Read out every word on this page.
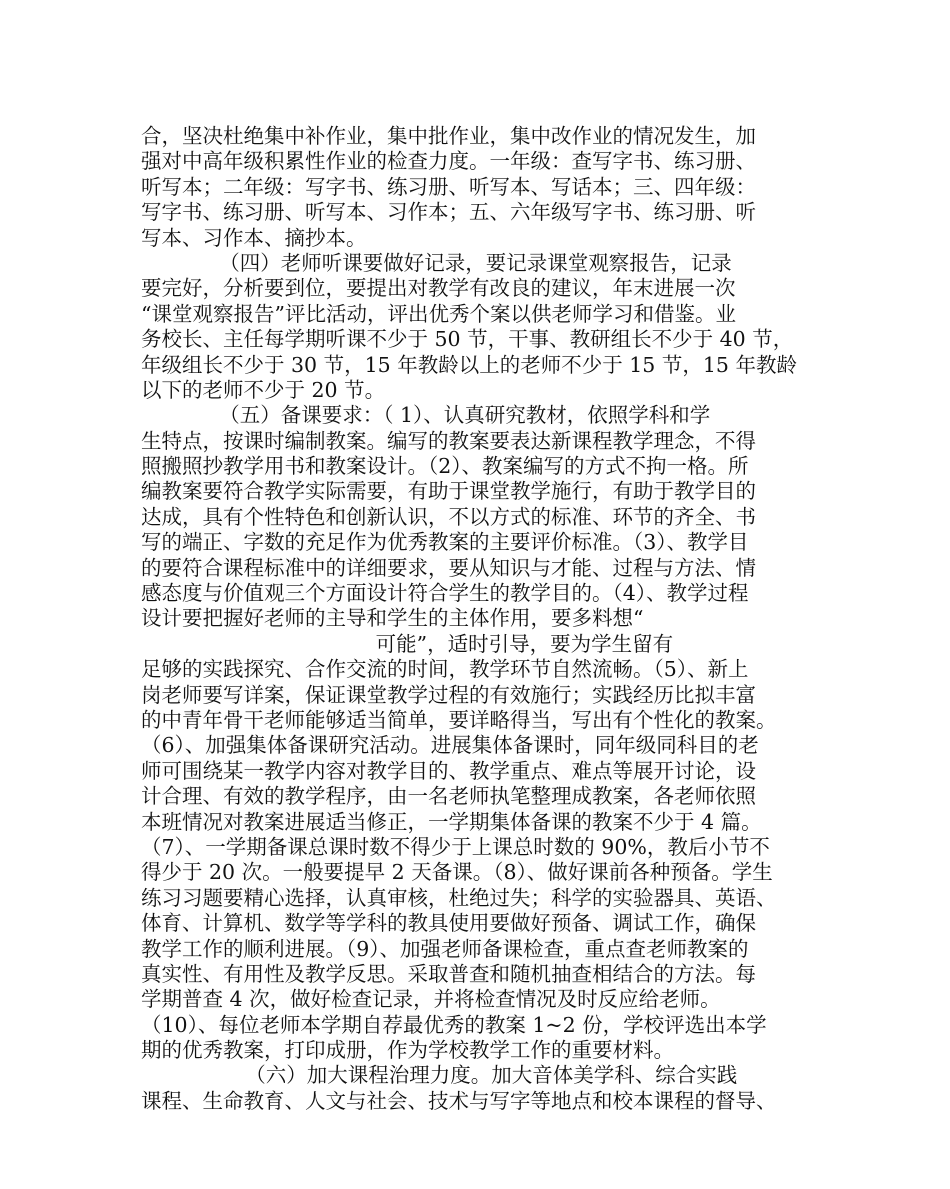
合，坚决杜绝集中补作业，集中批作业，集中改作业的情况发生，加
强对中高年级积累性作业的检查力度。一年级：查写字书、练习册、
听写本；二年级：写字书、练习册、听写本、写话本；三、四年级：
写字书、练习册、听写本、习作本；五、六年级写字书、练习册、听
写本、习作本、摘抄本。
（四）老师听课要做好记录，要记录课堂观察报告，记录
要完好，分析要到位，要提出对教学有改良的建议，年末进展一次
“课堂观察报告”评比活动，评出优秀个案以供老师学习和借鉴。业
务校长、主任每学期听课不少于 50 节，干事、教研组长不少于 40 节，
年级组长不少于 30 节，15 年教龄以上的老师不少于 15 节，15 年教龄
以下的老师不少于 20 节。
（五）备课要求：（ 1）、认真研究教材，依照学科和学
生特点，按课时编制教案。编写的教案要表达新课程教学理念，不得
照搬照抄教学用书和教案设计。（2）、教案编写的方式不拘一格。所
编教案要符合教学实际需要，有助于课堂教学施行，有助于教学目的
达成，具有个性特色和创新认识，不以方式的标准、环节的齐全、书
写的端正、字数的充足作为优秀教案的主要评价标准。（3）、教学目
的要符合课程标准中的详细要求，要从知识与才能、过程与方法、情
感态度与价值观三个方面设计符合学生的教学目的。（4）、教学过程
设计要把握好老师的主导和学生的主体作用，要多料想“
可能”，适时引导，要为学生留有
足够的实践探究、合作交流的时间，教学环节自然流畅。（5）、新上
岗老师要写详案，保证课堂教学过程的有效施行；实践经历比拟丰富
的中青年骨干老师能够适当简单，要详略得当，写出有个性化的教案。
（6）、加强集体备课研究活动。进展集体备课时，同年级同科目的老
师可围绕某一教学内容对教学目的、教学重点、难点等展开讨论，设
计合理、有效的教学程序，由一名老师执笔整理成教案，各老师依照
本班情况对教案进展适当修正，一学期集体备课的教案不少于 4 篇。
（7）、一学期备课总课时数不得少于上课总时数的 90%，教后小节不
得少于 20 次。一般要提早 2 天备课。（8）、做好课前各种预备。学生
练习习题要精心选择，认真审核，杜绝过失；科学的实验器具、英语、
体育、计算机、数学等学科的教具使用要做好预备、调试工作，确保
教学工作的顺利进展。（9）、加强老师备课检查，重点查老师教案的
真实性、有用性及教学反思。采取普查和随机抽查相结合的方法。每
学期普查 4 次，做好检查记录，并将检查情况及时反应给老师。
（10）、每位老师本学期自荐最优秀的教案 1~2 份，学校评选出本学
期的优秀教案，打印成册，作为学校教学工作的重要材料。
（六）加大课程治理力度。加大音体美学科、综合实践
课程、生命教育、人文与社会、技术与写字等地点和校本课程的督导、
